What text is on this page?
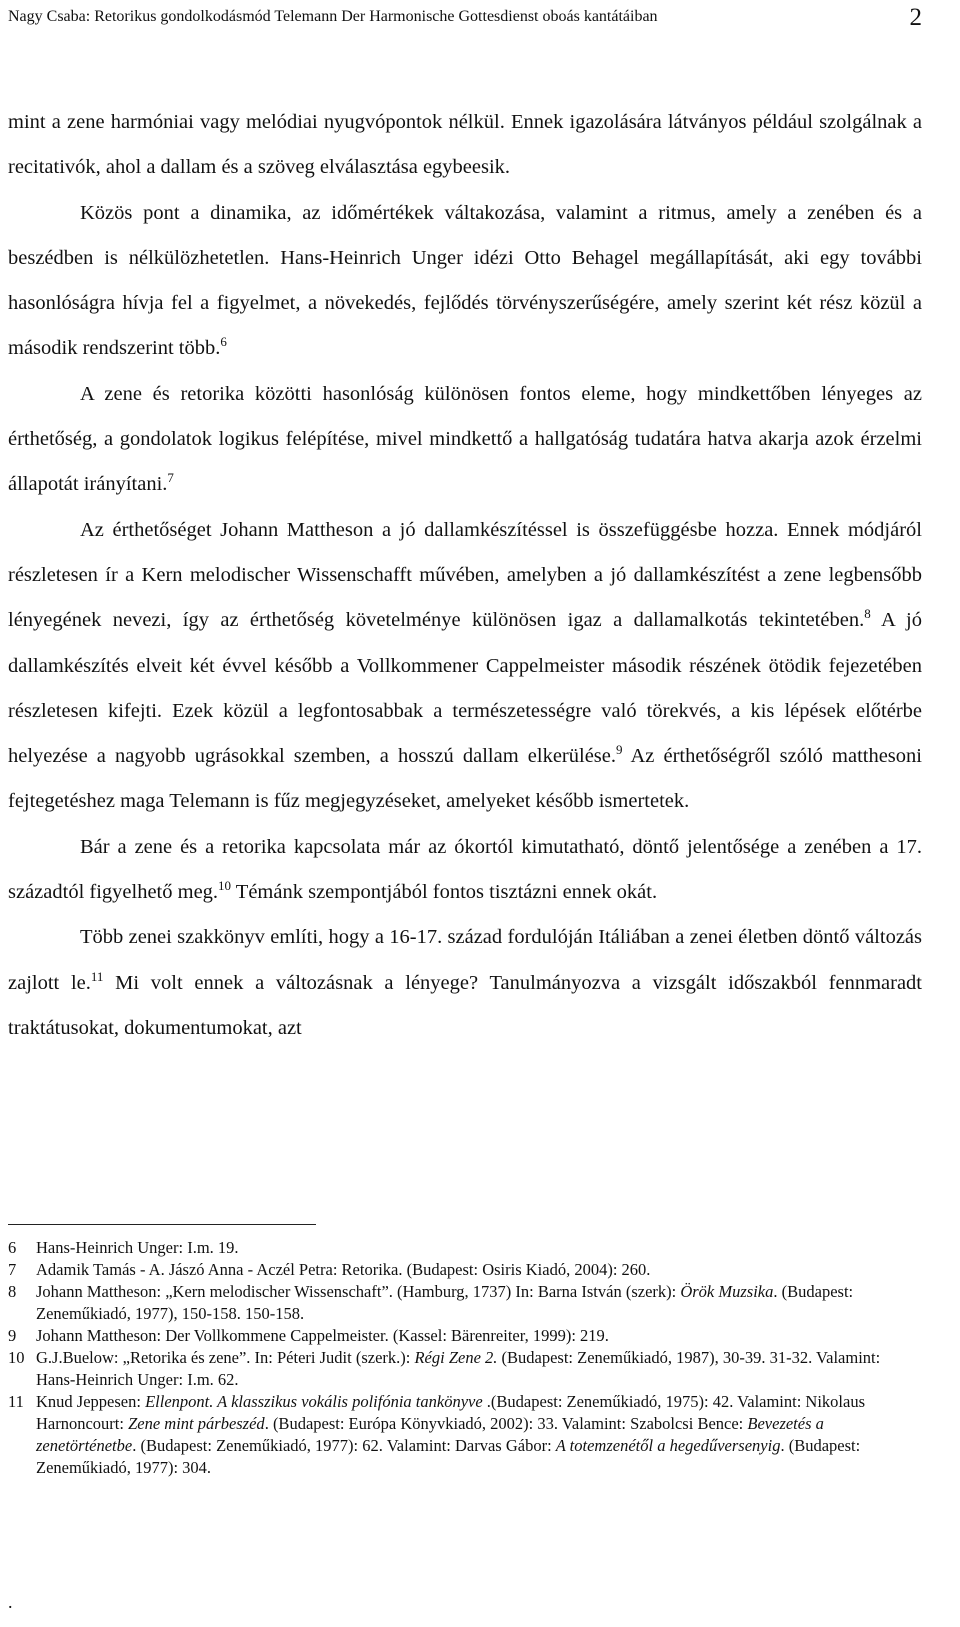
Nagy Csaba: Retorikus gondolkodásmód Telemann Der Harmonische Gottesdienst oboás kantátáiban	2

mint a zene harmóniai vagy melódiai nyugvópontok nélkül. Ennek igazolására látványos például szolgálnak a recitativók, ahol a dallam és a szöveg elválasztása egybeesik.

Közös pont a dinamika, az időmértékek váltakozása, valamint a ritmus, amely a zenében és a beszédben is nélkülözhetetlen. Hans-Heinrich Unger idézi Otto Behagel megállapítását, aki egy további hasonlóságra hívja fel a figyelmet, a növekedés, fejlődés törvényszerűségére, amely szerint két rész közül a második rendszerint több.$^6$

A zene és retorika közötti hasonlóság különösen fontos eleme, hogy mindkettőben lényeges az érthetőség, a gondolatok logikus felépítése, mivel mindkettő a hallgatóság tudatára hatva akarja azok érzelmi állapotát irányítani.$^7$

Az érthetőséget Johann Mattheson a jó dallamkészítéssel is összefüggésbe hozza. Ennek módjáról részletesen ír a Kern melodischer Wissenschafft művében, amelyben a jó dallamkészítést a zene legbensőbb lényegének nevezi, így az érthetőség követelménye különösen igaz a dallamalkotás tekintetében.$^8$ A jó dallamkészítés elveit két évvel később a Vollkommener Cappelmeister második részének ötödik fejezetében részletesen kifejti. Ezek közül a legfontosabbak a természetességre való törekvés, a kis lépések előtérbe helyezése a nagyobb ugrásokkal szemben, a hosszú dallam elkerülése.$^9$ Az érthetőségről szóló matthesoni fejtegetéshez maga Telemann is fűz megjegyzéseket, amelyeket később ismertetek.

Bár a zene és a retorika kapcsolata már az ókortól kimutatható, döntő jelentősége a zenében a 17. századtól figyelhető meg.$^{10}$ Témánk szempontjából fontos tisztázni ennek okát.

Több zenei szakkönyv említi, hogy a 16-17. század fordulóján Itáliában a zenei életben döntő változás zajlott le.$^{11}$ Mi volt ennek a változásnak a lényege? Tanulmányozva a vizsgált időszakból fennmaradt traktátusokat, dokumentumokat, azt

6 Hans-Heinrich Unger: I.m. 19.
7 Adamik Tamás - A. Jászó Anna - Aczél Petra: Retorika. (Budapest: Osiris Kiadó, 2004): 260.
8 Johann Mattheson: „Kern melodischer Wissenschaft”. (Hamburg, 1737) In: Barna István (szerk): Örök Muzsika. (Budapest: Zeneműkiadó, 1977), 150-158. 150-158.
9 Johann Mattheson: Der Vollkommene Cappelmeister. (Kassel: Bärenreiter, 1999): 219.
10 G.J.Buelow: „Retorika és zene”. In: Péteri Judit (szerk.): Régi Zene 2. (Budapest: Zeneműkiadó, 1987), 30-39. 31-32. Valamint: Hans-Heinrich Unger: I.m. 62.
11 Knud Jeppesen: Ellenpont. A klasszikus vokális polifónia tankönyve .(Budapest: Zeneműkiadó, 1975): 42. Valamint: Nikolaus Harnoncourt: Zene mint párbeszéd. (Budapest: Európa Könyvkiadó, 2002): 33. Valamint: Szabolcsi Bence: Bevezetés a zenetörténetbe. (Budapest: Zeneműkiadó, 1977): 62. Valamint: Darvas Gábor: A totemzenétől a hegedűversenyig. (Budapest: Zeneműkiadó, 1977): 304.
.
